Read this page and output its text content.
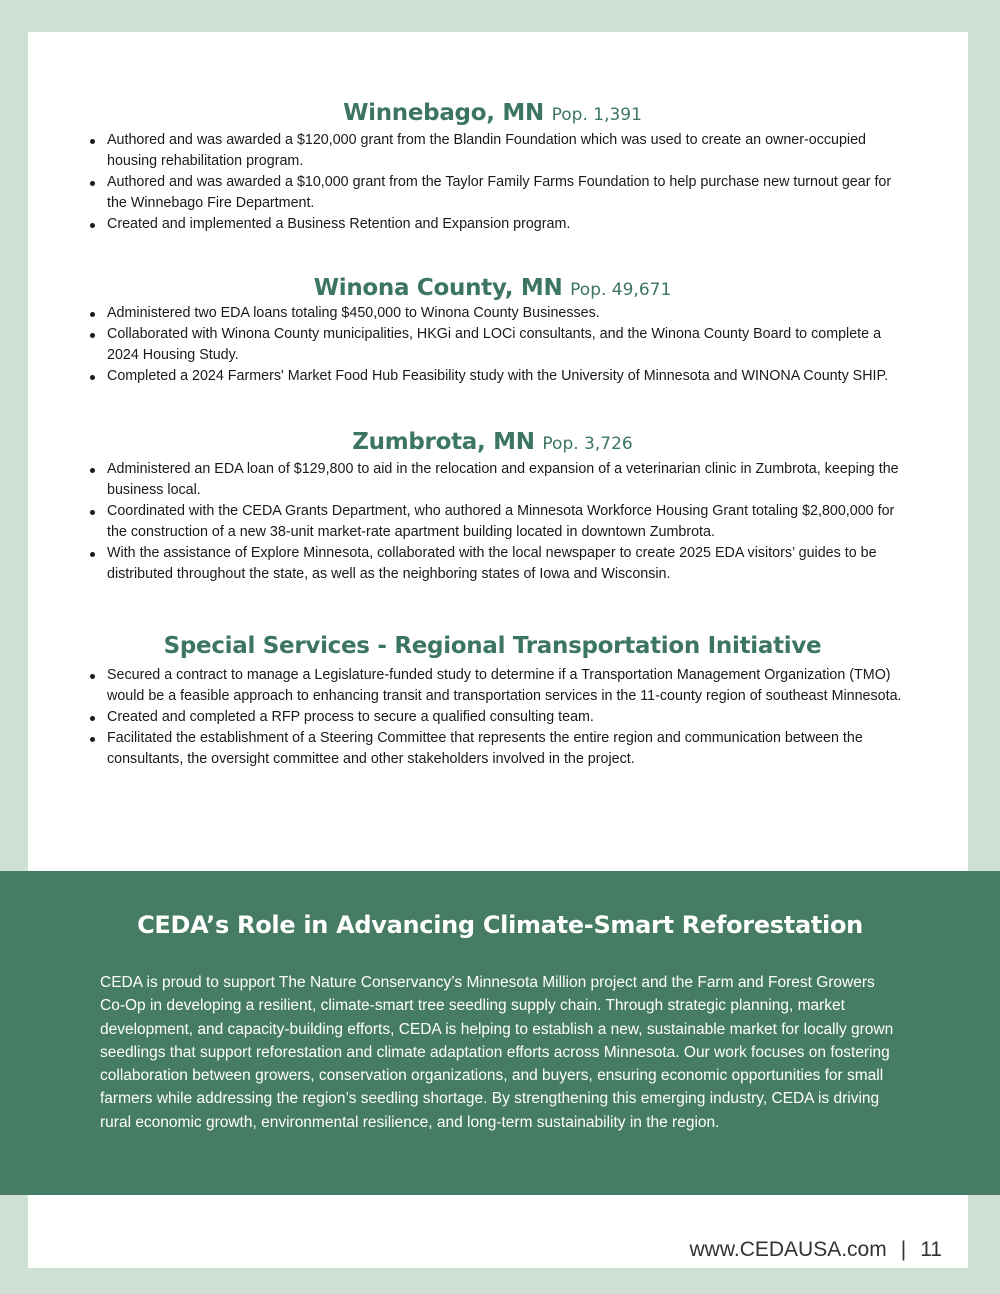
Winnebago, MN Pop. 1,391
Authored and was awarded a $120,000 grant from the Blandin Foundation which was used to create an owner-occupied housing rehabilitation program.
Authored and was awarded a $10,000 grant from the Taylor Family Farms Foundation to help purchase new turnout gear for the Winnebago Fire Department.
Created and implemented a Business Retention and Expansion program.
Winona County, MN Pop. 49,671
Administered two EDA loans totaling $450,000 to Winona County Businesses.
Collaborated with Winona County municipalities, HKGi and LOCi consultants, and the Winona County Board to complete a 2024 Housing Study.
Completed a 2024 Farmers' Market Food Hub Feasibility study with the University of Minnesota and WINONA County SHIP.
Zumbrota, MN Pop. 3,726
Administered an EDA loan of $129,800 to aid in the relocation and expansion of a veterinarian clinic in Zumbrota, keeping the business local.
Coordinated with the CEDA Grants Department, who authored a Minnesota Workforce Housing Grant totaling $2,800,000 for the construction of a new 38-unit market-rate apartment building located in downtown Zumbrota.
With the assistance of Explore Minnesota, collaborated with the local newspaper to create 2025 EDA visitors’ guides to be distributed throughout the state, as well as the neighboring states of Iowa and Wisconsin.
Special Services - Regional Transportation Initiative
Secured a contract to manage a Legislature-funded study to determine if a Transportation Management Organization (TMO) would be a feasible approach to enhancing transit and transportation services in the 11-county region of southeast Minnesota.
Created and completed a RFP process to secure a qualified consulting team.
Facilitated the establishment of a Steering Committee that represents the entire region and communication between the consultants, the oversight committee and other stakeholders involved in the project.
CEDA’s Role in Advancing Climate-Smart Reforestation

CEDA is proud to support The Nature Conservancy’s Minnesota Million project and the Farm and Forest Growers Co-Op in developing a resilient, climate-smart tree seedling supply chain. Through strategic planning, market development, and capacity-building efforts, CEDA is helping to establish a new, sustainable market for locally grown seedlings that support reforestation and climate adaptation efforts across Minnesota. Our work focuses on fostering collaboration between growers, conservation organizations, and buyers, ensuring economic opportunities for small farmers while addressing the region’s seedling shortage. By strengthening this emerging industry, CEDA is driving rural economic growth, environmental resilience, and long-term sustainability in the region.

www.CEDAUSA.com | 11
